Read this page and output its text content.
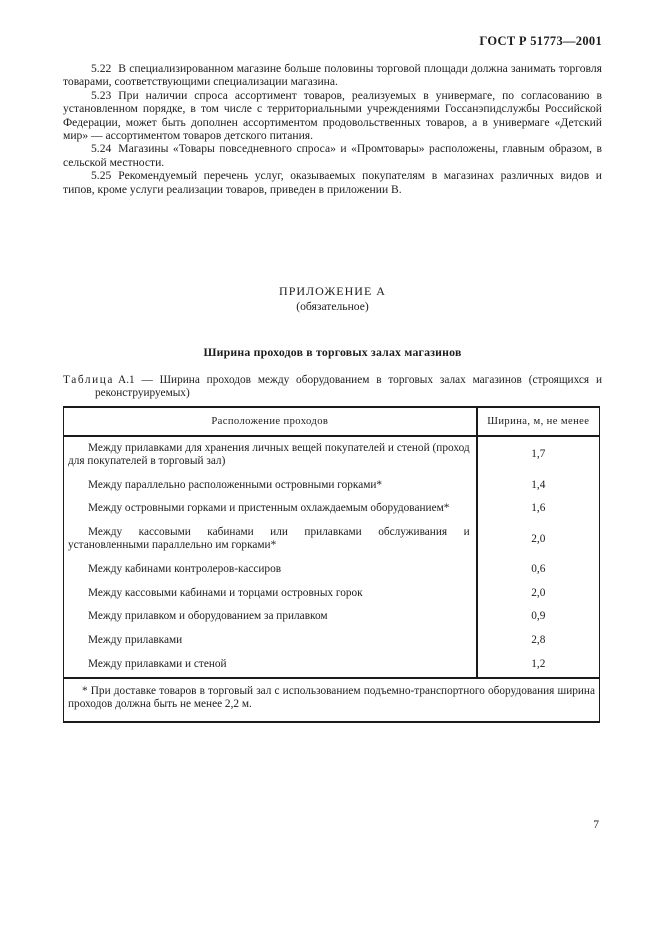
ГОСТ Р 51773—2001

5.22 В специализированном магазине больше половины торговой площади должна занимать торговля товарами, соответствующими специализации магазина.

5.23 При наличии спроса ассортимент товаров, реализуемых в универмаге, по согласованию в установленном порядке, в том числе с территориальными учреждениями Госсанэпидслужбы Российской Федерации, может быть дополнен ассортиментом продовольственных товаров, а в универмаге «Детский мир» — ассортиментом товаров детского питания.

5.24 Магазины «Товары повседневного спроса» и «Промтовары» расположены, главным образом, в сельской местности.

5.25 Рекомендуемый перечень услуг, оказываемых покупателям в магазинах различных видов и типов, кроме услуги реализации товаров, приведен в приложении В.

ПРИЛОЖЕНИЕ А
(обязательное)
Ширина проходов в торговых залах магазинов
Таблица А.1 — Ширина проходов между оборудованием в торговых залах магазинов (строящихся и реконструируемых)
Расположение проходов	Ширина, м, не менее

Между прилавками для хранения личных вещей покупателей и стеной (проход для покупателей в торговый зал)	1,7

Между параллельно расположенными островными горками*	1,4

Между островными горками и пристенным охлаждаемым оборудованием*	1,6

Между кассовыми кабинами или прилавками обслуживания и установленными параллельно им горками*	2,0

Между кабинами контролеров-кассиров	0,6

Между кассовыми кабинами и торцами островных горок	2,0

Между прилавком и оборудованием за прилавком	0,9

Между прилавками	2,8

Между прилавками и стеной	1,2

* При доставке товаров в торговый зал с использованием подъемно-транспортного оборудования ширина проходов должна быть не менее 2,2 м.	

7
